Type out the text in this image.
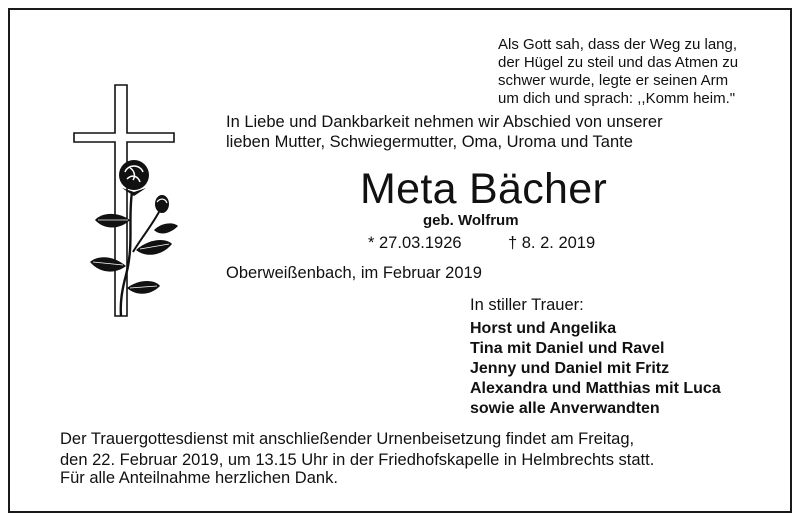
Als Gott sah, dass der Weg zu lang,
der Hügel zu steil und das Atmen zu
schwer wurde, legte er seinen Arm
um dich und sprach: ,,Komm heim."
In Liebe und Dankbarkeit nehmen wir Abschied von unserer
lieben Mutter, Schwiegermutter, Oma, Uroma und Tante
Meta Bächer
geb. Wolfrum
* 27.03.1926	† 8. 2. 2019
Oberweißenbach, im Februar 2019
In stiller Trauer:
Horst und Angelika
Tina mit Daniel und Ravel
Jenny und Daniel mit Fritz
Alexandra und Matthias mit Luca
sowie alle Anverwandten
Der Trauergottesdienst mit anschließender Urnenbeisetzung findet am Freitag,
den 22. Februar 2019, um 13.15 Uhr in der Friedhofskapelle in Helmbrechts statt.
Für alle Anteilnahme herzlichen Dank.
